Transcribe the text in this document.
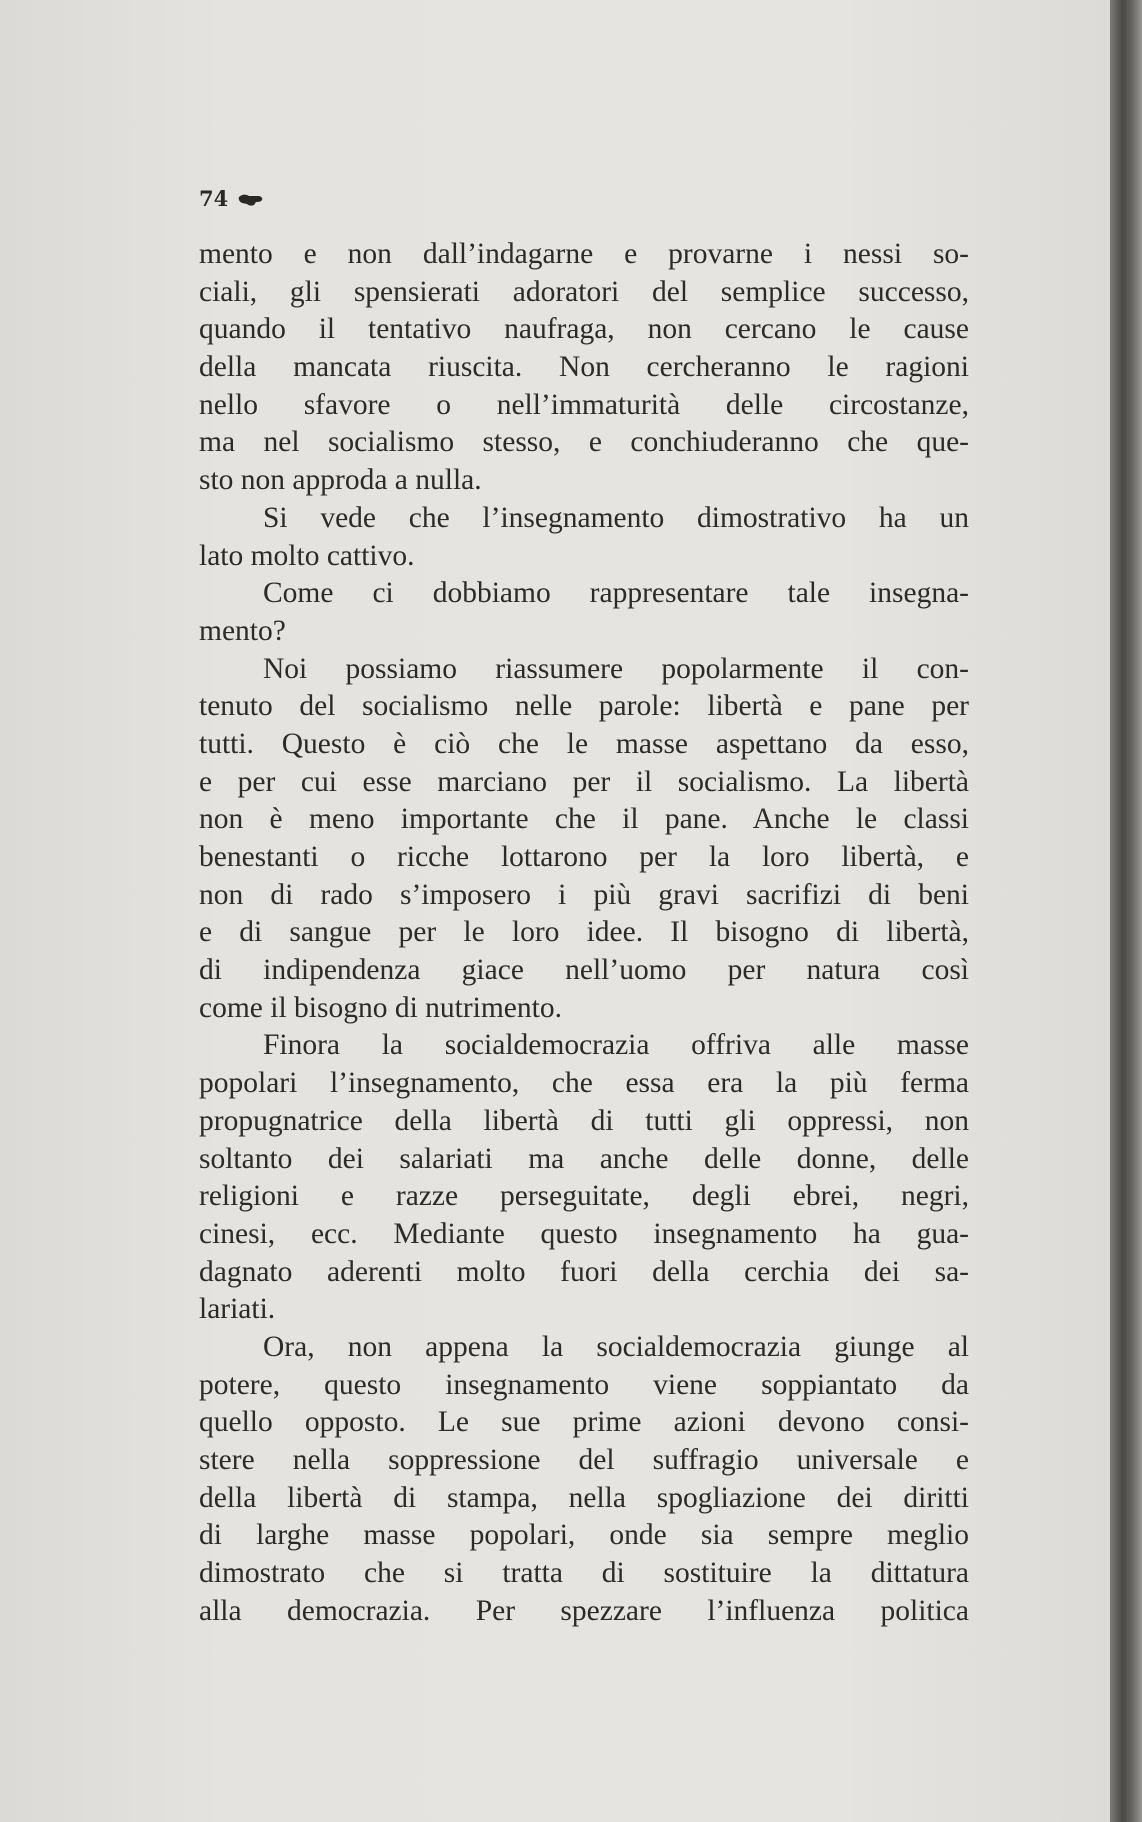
74
mento e non dall’indagarne e provarne i nessi so-
ciali, gli spensierati adoratori del semplice successo,
quando il tentativo naufraga, non cercano le cause
della mancata riuscita. Non cercheranno le ragioni
nello sfavore o nell’immaturità delle circostanze,
ma nel socialismo stesso, e conchiuderanno che que-
sto non approda a nulla.
Si vede che l’insegnamento dimostrativo ha un
lato molto cattivo.
Come ci dobbiamo rappresentare tale insegna-
mento?
Noi possiamo riassumere popolarmente il con-
tenuto del socialismo nelle parole: libertà e pane per
tutti. Questo è ciò che le masse aspettano da esso,
e per cui esse marciano per il socialismo. La libertà
non è meno importante che il pane. Anche le classi
benestanti o ricche lottarono per la loro libertà, e
non di rado s’imposero i più gravi sacrifizi di beni
e di sangue per le loro idee. Il bisogno di libertà,
di indipendenza giace nell’uomo per natura così
come il bisogno di nutrimento.
Finora la socialdemocrazia offriva alle masse
popolari l’insegnamento, che essa era la più ferma
propugnatrice della libertà di tutti gli oppressi, non
soltanto dei salariati ma anche delle donne, delle
religioni e razze perseguitate, degli ebrei, negri,
cinesi, ecc. Mediante questo insegnamento ha gua-
dagnato aderenti molto fuori della cerchia dei sa-
lariati.
Ora, non appena la socialdemocrazia giunge al
potere, questo insegnamento viene soppiantato da
quello opposto. Le sue prime azioni devono consi-
stere nella soppressione del suffragio universale e
della libertà di stampa, nella spogliazione dei diritti
di larghe masse popolari, onde sia sempre meglio
dimostrato che si tratta di sostituire la dittatura
alla democrazia. Per spezzare l’influenza politica
